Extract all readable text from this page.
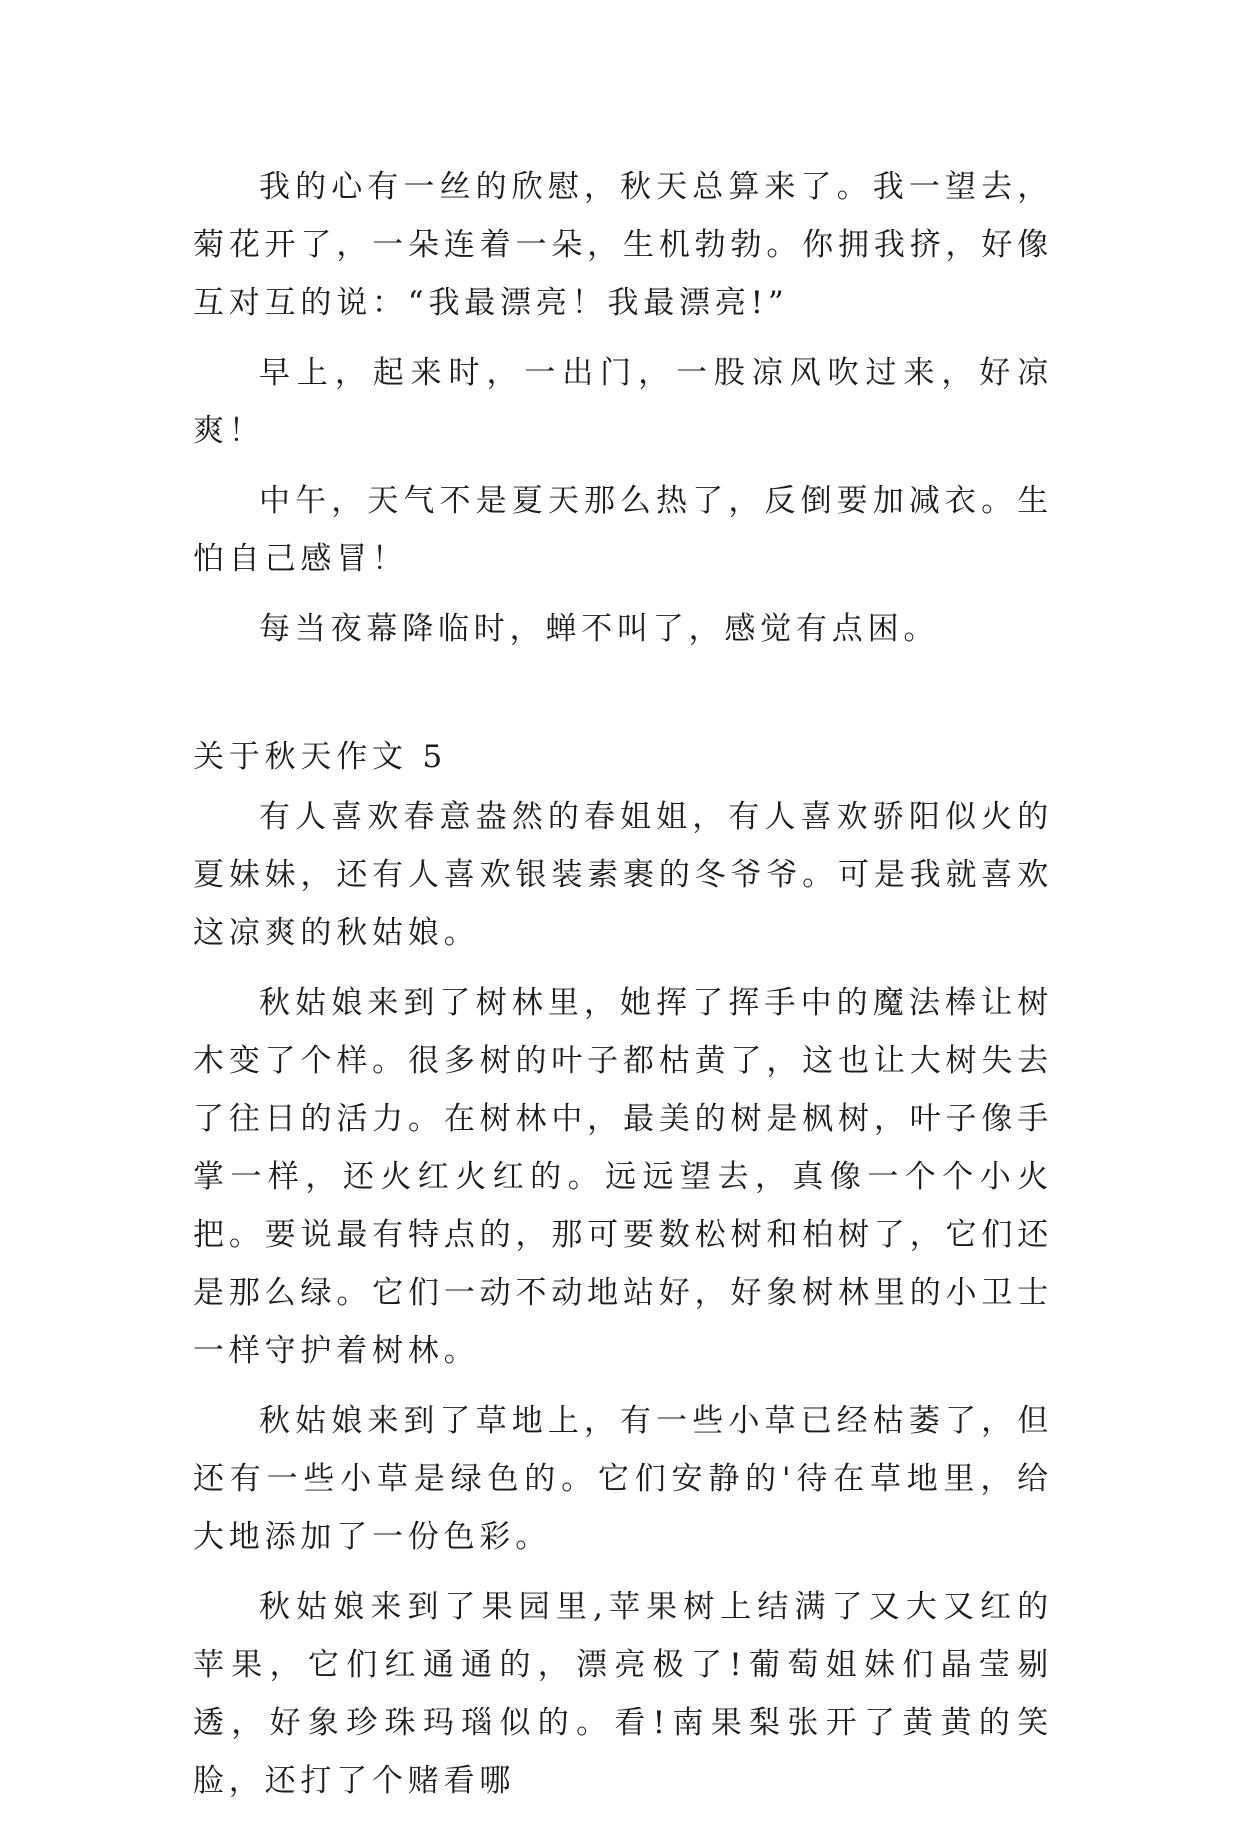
我的心有一丝的欣慰，秋天总算来了。我一望去，菊花开了，一朵连着一朵，生机勃勃。你拥我挤，好像互对互的说：“我最漂亮！我最漂亮!”

早上，起来时，一出门，一股凉风吹过来，好凉爽！

中午，天气不是夏天那么热了，反倒要加减衣。生怕自己感冒！

每当夜幕降临时，蝉不叫了，感觉有点困。

关于秋天作文 5

有人喜欢春意盎然的春姐姐，有人喜欢骄阳似火的夏妹妹，还有人喜欢银装素裹的冬爷爷。可是我就喜欢这凉爽的秋姑娘。

秋姑娘来到了树林里，她挥了挥手中的魔法棒让树木变了个样。很多树的叶子都枯黄了，这也让大树失去了往日的活力。在树林中，最美的树是枫树，叶子像手掌一样，还火红火红的。远远望去，真像一个个小火把。要说最有特点的，那可要数松树和柏树了，它们还是那么绿。它们一动不动地站好，好象树林里的小卫士一样守护着树林。

秋姑娘来到了草地上，有一些小草已经枯萎了，但还有一些小草是绿色的。它们安静的'待在草地里，给大地添加了一份色彩。

秋姑娘来到了果园里,苹果树上结满了又大又红的苹果，它们红通通的，漂亮极了!葡萄姐妹们晶莹剔透，好象珍珠玛瑙似的。看!南果梨张开了黄黄的笑脸，还打了个赌看哪
